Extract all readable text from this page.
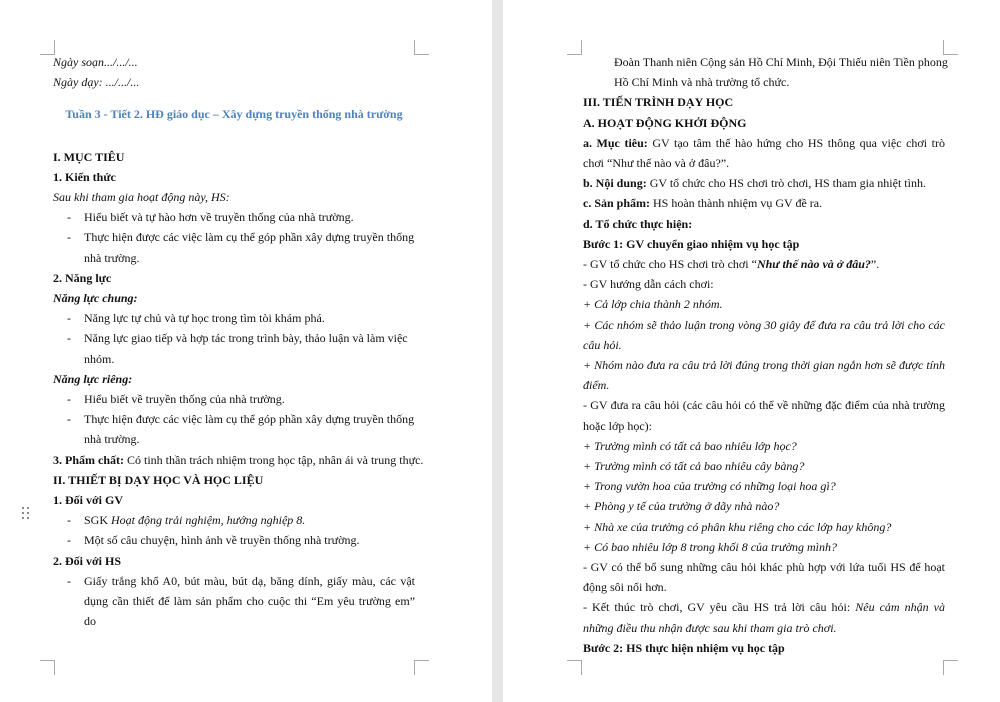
Ngày soạn.../.../...
Ngày dạy: .../.../...
Tuần 3 - Tiết 2. HĐ giáo dục – Xây dựng truyền thống nhà trường
I. MỤC TIÊU
1. Kiến thức
Sau khi tham gia hoạt động này, HS:
- Hiểu biết và tự hào hơn về truyền thống của nhà trường.
- Thực hiện được các việc làm cụ thể góp phần xây dựng truyền thống
nhà trường.
2. Năng lực
Năng lực chung:
- Năng lực tự chủ và tự học trong tìm tòi khám phá.
- Năng lực giao tiếp và hợp tác trong trình bày, thảo luận và làm việc
nhóm.
Năng lực riêng:
- Hiểu biết về truyền thống của nhà trường.
- Thực hiện được các việc làm cụ thể góp phần xây dựng truyền thống
nhà trường.
3. Phẩm chất: Có tinh thần trách nhiệm trong học tập, nhân ái và trung thực.
II. THIẾT BỊ DẠY HỌC VÀ HỌC LIỆU
1. Đối với GV
- SGK Hoạt động trải nghiệm, hướng nghiệp 8.
- Một số câu chuyện, hình ảnh về truyền thống nhà trường.
2. Đối với HS
- Giấy trắng khổ A0, bút màu, bút dạ, băng dính, giấy màu, các vật dụng cần thiết để làm sản phẩm cho cuộc thi “Em yêu trường em” do
Đoàn Thanh niên Cộng sản Hồ Chí Minh, Đội Thiếu niên Tiền phong
Hồ Chí Minh và nhà trường tổ chức.
III. TIẾN TRÌNH DẠY HỌC
A. HOẠT ĐỘNG KHỞI ĐỘNG
a. Mục tiêu: GV tạo tâm thế hào hứng cho HS thông qua việc chơi trò chơi “Như thế nào và ở đâu?”.
b. Nội dung: GV tổ chức cho HS chơi trò chơi, HS tham gia nhiệt tình.
c. Sản phẩm: HS hoàn thành nhiệm vụ GV đề ra.
d. Tổ chức thực hiện:
Bước 1: GV chuyển giao nhiệm vụ học tập
- GV tổ chức cho HS chơi trò chơi “Như thế nào và ở đâu?”.
- GV hướng dẫn cách chơi:
+ Cả lớp chia thành 2 nhóm.
+ Các nhóm sẽ thảo luận trong vòng 30 giây để đưa ra câu trả lời cho các câu hỏi.
+ Nhóm nào đưa ra câu trả lời đúng trong thời gian ngắn hơn sẽ được tính điểm.
- GV đưa ra câu hỏi (các câu hỏi có thể về những đặc điểm của nhà trường hoặc lớp học):
+ Trường mình có tất cả bao nhiêu lớp học?
+ Trường mình có tất cả bao nhiêu cây bàng?
+ Trong vườn hoa của trường có những loại hoa gì?
+ Phòng y tế của trường ở dãy nhà nào?
+ Nhà xe của trường có phân khu riêng cho các lớp hay không?
+ Có bao nhiêu lớp 8 trong khối 8 của trường mình?
- GV có thể bổ sung những câu hỏi khác phù hợp với lứa tuổi HS để hoạt động sôi nổi hơn.
- Kết thúc trò chơi, GV yêu cầu HS trả lời câu hỏi: Nêu cảm nhận và những điều thu nhận được sau khi tham gia trò chơi.
Bước 2: HS thực hiện nhiệm vụ học tập
